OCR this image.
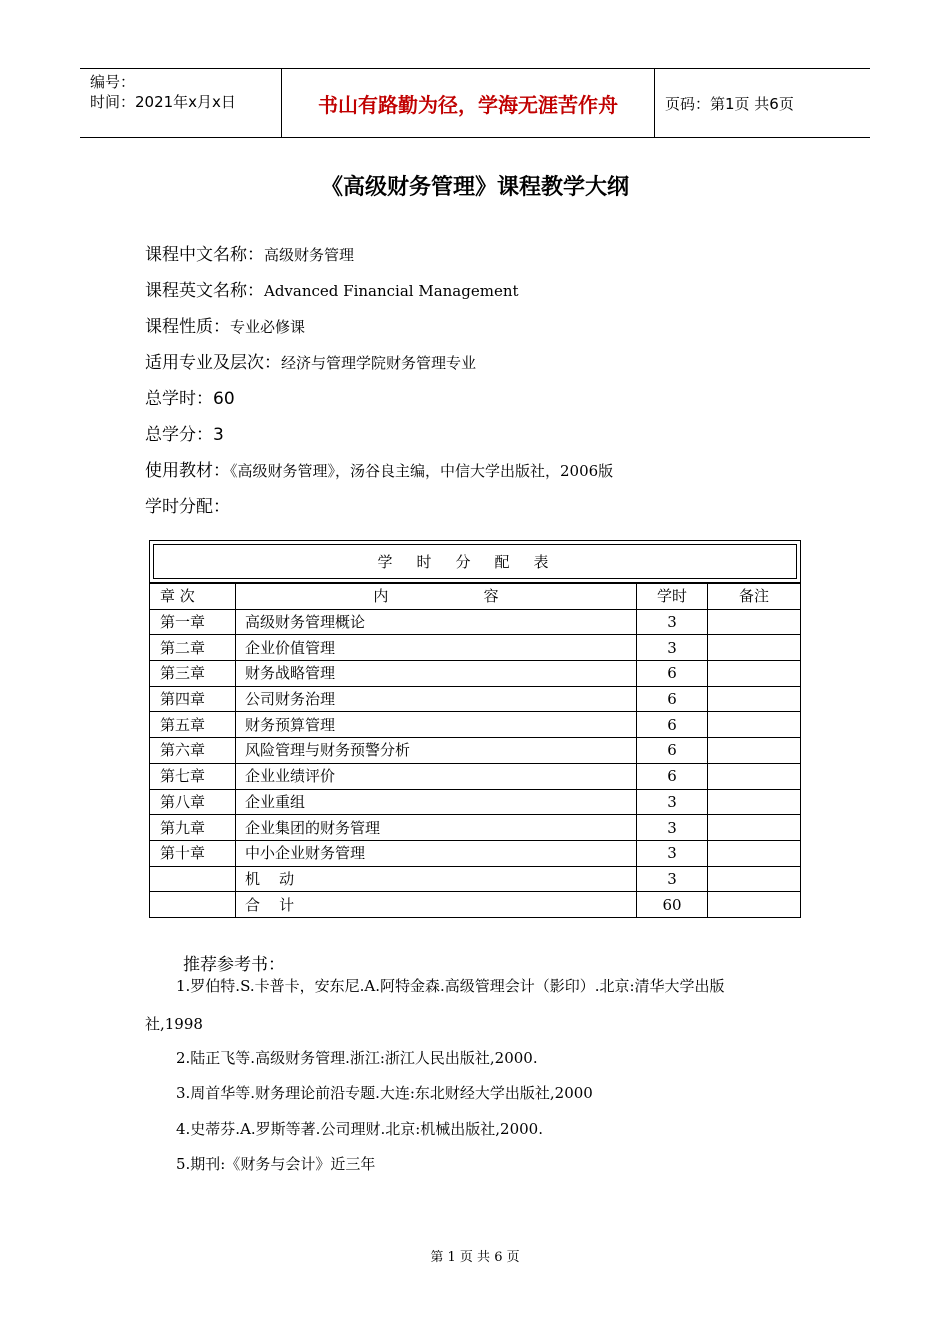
编号：
时间：2021年x月x日	书山有路勤为径，学海无涯苦作舟	页码：第1页 共6页
《高级财务管理》课程教学大纲
课程中文名称：高级财务管理
课程英文名称：Advanced Financial Management
课程性质：专业必修课
适用专业及层次：经济与管理学院财务管理专业
总学时：60
总学分：3
使用教材：《高级财务管理》，汤谷良主编，中信大学出版社，2006版
学时分配：
学时分配表
章 次	内                    容	学时	备注
第一章	高级财务管理概论	3	
第二章	企业价值管理	3	
第三章	财务战略管理	6	
第四章	公司财务治理	6	
第五章	财务预算管理	6	
第六章	风险管理与财务预警分析	6	
第七章	企业业绩评价	6	
第八章	企业重组	3	
第九章	企业集团的财务管理	3	
第十章	中小企业财务管理	3	
	机    动	3	
	合    计	60	
推荐参考书：
1.罗伯特.S.卡普卡，安东尼.A.阿特金森.高级管理会计（影印）.北京:清华大学出版
社,1998
2.陆正飞等.高级财务管理.浙江:浙江人民出版社,2000.
3.周首华等.财务理论前沿专题.大连:东北财经大学出版社,2000
4.史蒂芬.A.罗斯等著.公司理财.北京:机械出版社,2000.
5.期刊:《财务与会计》近三年
第 1 页 共 6 页
